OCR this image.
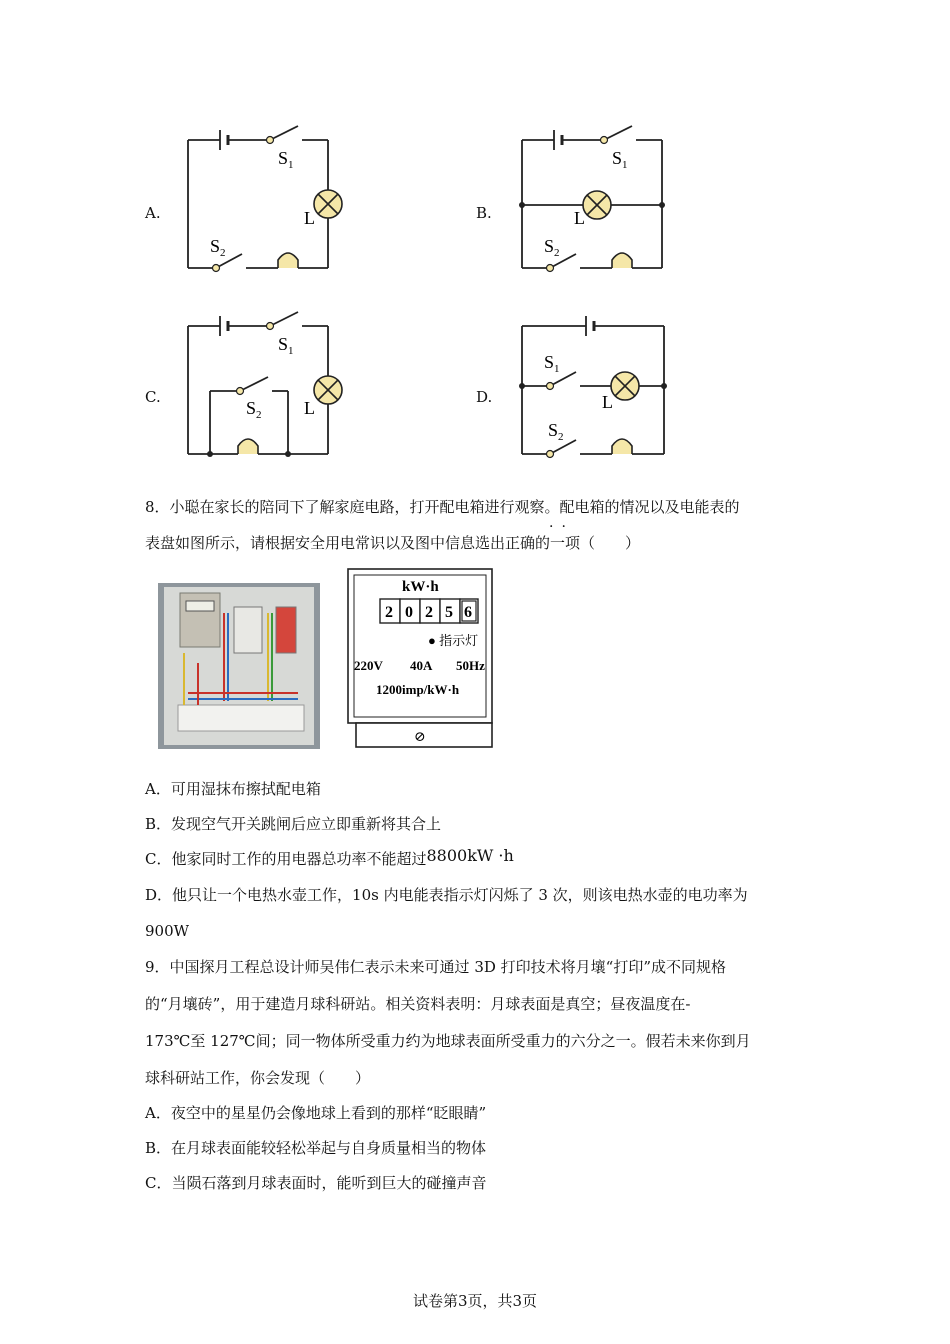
A.
$S_1$
L
$S_2$
B.
$S_1$
L
$S_2$
C.
$S_1$
L
$S_2$
D.
$S_1$
L
$S_2$
8．小聪在家长的陪同下了解家庭电路，打开配电箱进行观察。配电箱的情况以及电能表的
··
表盘如图所示，请根据安全用电常识以及图中信息选出正确的一项（　　）
kW·h
2 0 2 5 6
● 指示灯
220V 40A 50Hz
1200imp/kW·h
⊘
A．可用湿抹布擦拭配电箱
B．发现空气开关跳闸后应立即重新将其合上
C．他家同时工作的用电器总功率不能超过8800kW ·h
D．他只让一个电热水壶工作，10s 内电能表指示灯闪烁了 3 次，则该电热水壶的电功率为
900W
9．中国探月工程总设计师吴伟仁表示未来可通过 3D 打印技术将月壤“打印”成不同规格
的“月壤砖”，用于建造月球科研站。相关资料表明：月球表面是真空；昼夜温度在-
173℃至 127℃间；同一物体所受重力约为地球表面所受重力的六分之一。假若未来你到月
球科研站工作，你会发现（　　）
A．夜空中的星星仍会像地球上看到的那样“眨眼睛”
B．在月球表面能较轻松举起与自身质量相当的物体
C．当陨石落到月球表面时，能听到巨大的碰撞声音
试卷第3页，共3页
